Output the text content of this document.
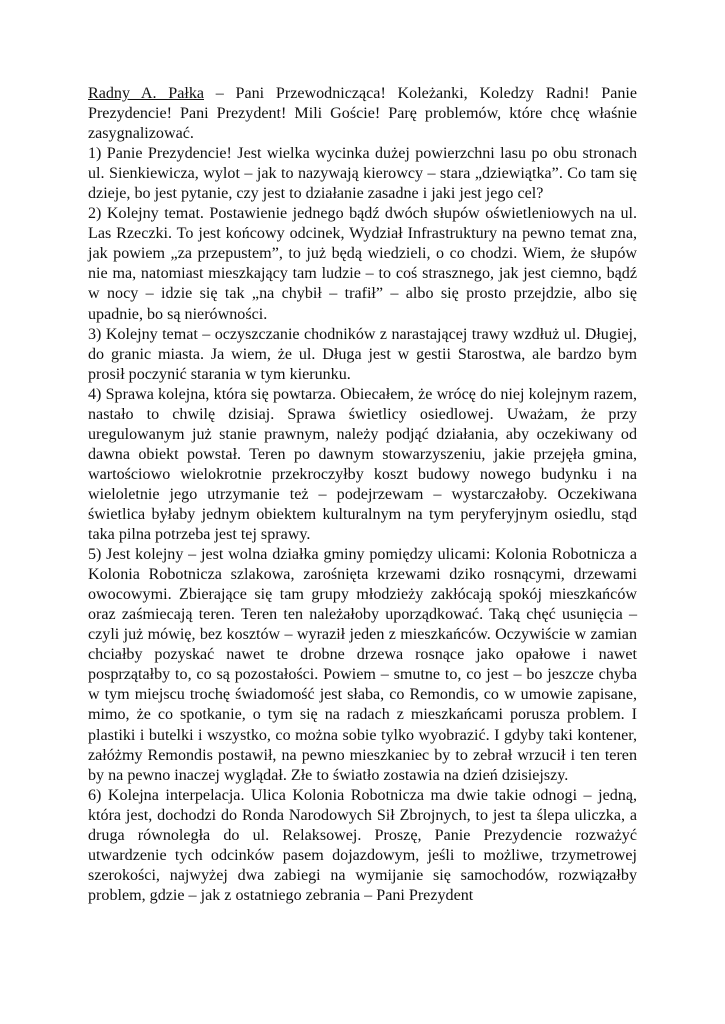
Radny A. Pałka – Pani Przewodnicząca! Koleżanki, Koledzy Radni! Panie Prezydencie! Pani Prezydent! Mili Goście! Parę problemów, które chcę właśnie zasygnalizować.

1) Panie Prezydencie! Jest wielka wycinka dużej powierzchni lasu po obu stronach ul. Sienkiewicza, wylot – jak to nazywają kierowcy – stara „dziewiątka”. Co tam się dzieje, bo jest pytanie, czy jest to działanie zasadne i jaki jest jego cel?

2) Kolejny temat. Postawienie jednego bądź dwóch słupów oświetleniowych na ul. Las Rzeczki. To jest końcowy odcinek, Wydział Infrastruktury na pewno temat zna, jak powiem „za przepustem”, to już będą wiedzieli, o co chodzi. Wiem, że słupów nie ma, natomiast mieszkający tam ludzie – to coś strasznego, jak jest ciemno, bądź w nocy – idzie się tak „na chybił – trafił” – albo się prosto przejdzie, albo się upadnie, bo są nierówności.

3) Kolejny temat – oczyszczanie chodników z narastającej trawy wzdłuż ul. Długiej, do granic miasta. Ja wiem, że ul. Długa jest w gestii Starostwa, ale bardzo bym prosił poczynić starania w tym kierunku.

4) Sprawa kolejna, która się powtarza. Obiecałem, że wrócę do niej kolejnym razem, nastało to chwilę dzisiaj. Sprawa świetlicy osiedlowej. Uważam, że przy uregulowanym już stanie prawnym, należy podjąć działania, aby oczekiwany od dawna obiekt powstał. Teren po dawnym stowarzyszeniu, jakie przejęła gmina, wartościowo wielokrotnie przekroczyłby koszt budowy nowego budynku i na wieloletnie jego utrzymanie też – podejrzewam – wystarczałoby. Oczekiwana świetlica byłaby jednym obiektem kulturalnym na tym peryferyjnym osiedlu, stąd taka pilna potrzeba jest tej sprawy.

5) Jest kolejny – jest wolna działka gminy pomiędzy ulicami: Kolonia Robotnicza a Kolonia Robotnicza szlakowa, zarośnięta krzewami dziko rosnącymi, drzewami owocowymi. Zbierające się tam grupy młodzieży zakłócają spokój mieszkańców oraz zaśmiecają teren. Teren ten należałoby uporządkować. Taką chęć usunięcia – czyli już mówię, bez kosztów – wyraził jeden z mieszkańców. Oczywiście w zamian chciałby pozyskać nawet te drobne drzewa rosnące jako opałowe i nawet posprzątałby to, co są pozostałości. Powiem – smutne to, co jest – bo jeszcze chyba w tym miejscu trochę świadomość jest słaba, co Remondis, co w umowie zapisane, mimo, że co spotkanie, o tym się na radach z mieszkańcami porusza problem. I plastiki i butelki i wszystko, co można sobie tylko wyobrazić. I gdyby taki kontener, załóżmy Remondis postawił, na pewno mieszkaniec by to zebrał wrzucił i ten teren by na pewno inaczej wyglądał. Złe to światło zostawia na dzień dzisiejszy.

6) Kolejna interpelacja. Ulica Kolonia Robotnicza ma dwie takie odnogi – jedną, która jest, dochodzi do Ronda Narodowych Sił Zbrojnych, to jest ta ślepa uliczka, a druga równoległa do ul. Relaksowej. Proszę, Panie Prezydencie rozważyć utwardzenie tych odcinków pasem dojazdowym, jeśli to możliwe, trzymetrowej szerokości, najwyżej dwa zabiegi na wymijanie się samochodów, rozwiązałby problem, gdzie – jak z ostatniego zebrania – Pani Prezydent
